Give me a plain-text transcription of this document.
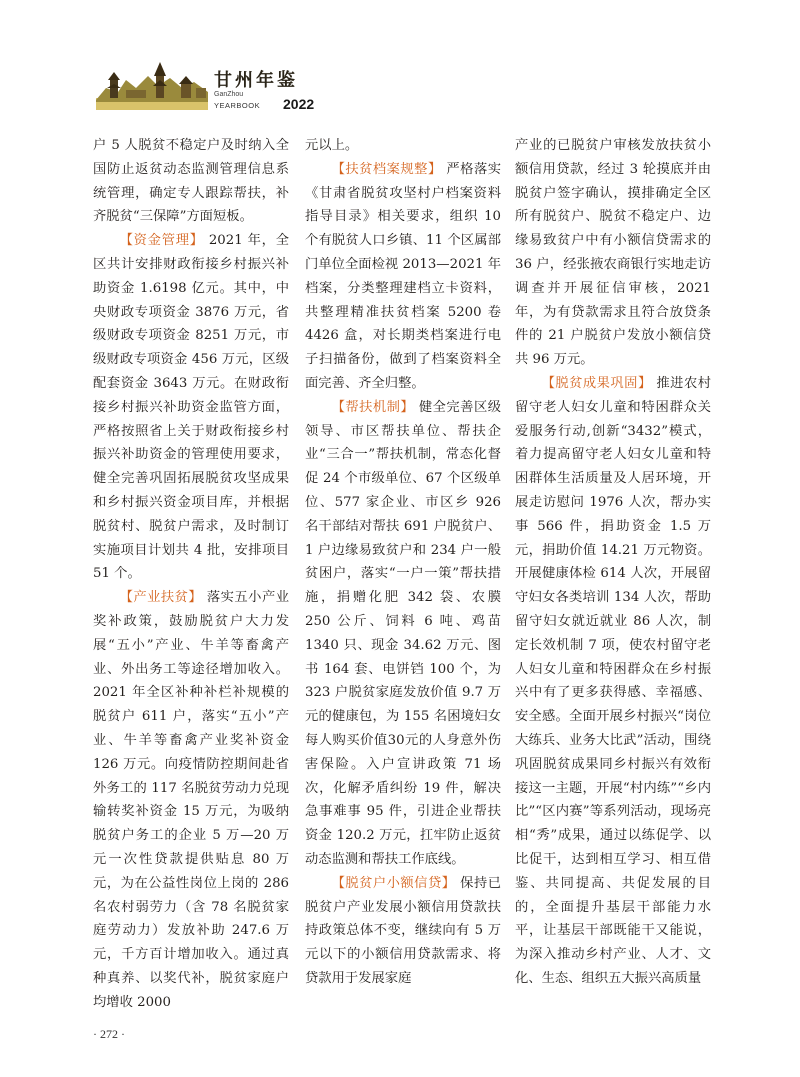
甘州年鉴
GanZhou
YEARBOOK 2022

户 5 人脱贫不稳定户及时纳入全国防止返贫动态监测管理信息系统管理，确定专人跟踪帮扶，补齐脱贫“三保障”方面短板。

【资金管理】 2021 年，全区共计安排财政衔接乡村振兴补助资金 1.6198 亿元。其中，中央财政专项资金 3876 万元，省级财政专项资金 8251 万元，市级财政专项资金 456 万元，区级配套资金 3643 万元。在财政衔接乡村振兴补助资金监管方面，严格按照省上关于财政衔接乡村振兴补助资金的管理使用要求，健全完善巩固拓展脱贫攻坚成果和乡村振兴资金项目库，并根据脱贫村、脱贫户需求，及时制订实施项目计划共 4 批，安排项目 51 个。

【产业扶贫】 落实五小产业奖补政策，鼓励脱贫户大力发展“五小”产业、牛羊等畜禽产业、外出务工等途径增加收入。2021 年全区补种补栏补规模的脱贫户 611 户，落实“五小”产业、牛羊等畜禽产业奖补资金 126 万元。向疫情防控期间赴省外务工的 117 名脱贫劳动力兑现输转奖补资金 15 万元，为吸纳脱贫户务工的企业 5 万—20 万元一次性贷款提供贴息 80 万元，为在公益性岗位上岗的 286 名农村弱劳力（含 78 名脱贫家庭劳动力）发放补助 247.6 万元，千方百计增加收入。通过真种真养、以奖代补，脱贫家庭户均增收 2000

元以上。

【扶贫档案规整】 严格落实《甘肃省脱贫攻坚村户档案资料指导目录》相关要求，组织 10 个有脱贫人口乡镇、11 个区属部门单位全面检视 2013—2021 年档案，分类整理建档立卡资料，共整理精准扶贫档案 5200 卷 4426 盒，对长期类档案进行电子扫描备份，做到了档案资料全面完善、齐全归整。

【帮扶机制】 健全完善区级领导、市区帮扶单位、帮扶企业“三合一”帮扶机制，常态化督促 24 个市级单位、67 个区级单位、577 家企业、市区乡 926 名干部结对帮扶 691 户脱贫户、1 户边缘易致贫户和 234 户一般贫困户，落实“一户一策”帮扶措施，捐赠化肥 342 袋、农膜 250 公斤、饲料 6 吨、鸡苗 1340 只、现金 34.62 万元、图书 164 套、电饼铛 100 个，为 323 户脱贫家庭发放价值 9.7 万元的健康包，为 155 名困境妇女每人购买价值30元的人身意外伤害保险。入户宣讲政策 71 场次，化解矛盾纠纷 19 件，解决急事难事 95 件，引进企业帮扶资金 120.2 万元，扛牢防止返贫动态监测和帮扶工作底线。

【脱贫户小额信贷】 保持已脱贫户产业发展小额信用贷款扶持政策总体不变，继续向有 5 万元以下的小额信用贷款需求、将贷款用于发展家庭

产业的已脱贫户审核发放扶贫小额信用贷款，经过 3 轮摸底并由脱贫户签字确认，摸排确定全区所有脱贫户、脱贫不稳定户、边缘易致贫户中有小额信贷需求的 36 户，经张掖农商银行实地走访调查并开展征信审核，2021 年，为有贷款需求且符合放贷条件的 21 户脱贫户发放小额信贷共 96 万元。

【脱贫成果巩固】 推进农村留守老人妇女儿童和特困群众关爱服务行动,创新“3432”模式，着力提高留守老人妇女儿童和特困群体生活质量及人居环境，开展走访慰问 1976 人次，帮办实事 566 件，捐助资金 1.5 万元，捐助价值 14.21 万元物资。开展健康体检 614 人次，开展留守妇女各类培训 134 人次，帮助留守妇女就近就业 86 人次，制定长效机制 7 项，使农村留守老人妇女儿童和特困群众在乡村振兴中有了更多获得感、幸福感、安全感。全面开展乡村振兴“岗位大练兵、业务大比武”活动，围绕巩固脱贫成果同乡村振兴有效衔接这一主题，开展“村内练”“乡内比”“区内赛”等系列活动，现场亮相“秀”成果，通过以练促学、以比促干，达到相互学习、相互借鉴、共同提高、共促发展的目的，全面提升基层干部能力水平，让基层干部既能干又能说，为深入推动乡村产业、人才、文化、生态、组织五大振兴高质量

· 272 ·
